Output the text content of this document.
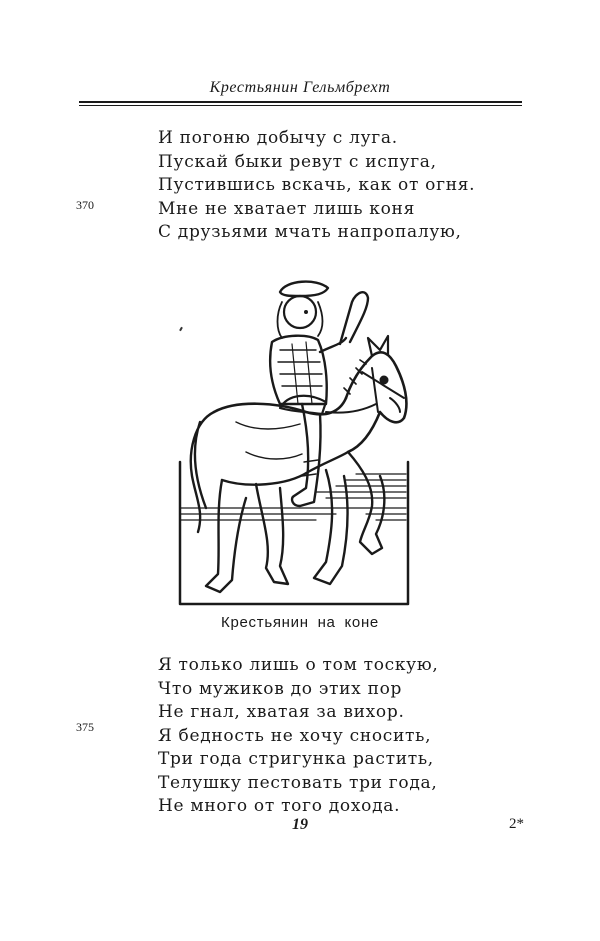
Крестьянин Гельмбрехт
И погоню добычу с луга.
Пускай быки ревут с испуга,
Пустившись вскачь, как от огня.
Мне не хватает лишь коня
С друзьями мчать напропалую,
370
Крестьянин на коне
Я только лишь о том тоскую,
Что мужиков до этих пор
Не гнал, хватая за вихор.
Я бедность не хочу сносить,
Три года стригунка растить,
Телушку пестовать три года,
Не много от того дохода.
375
19	2*
